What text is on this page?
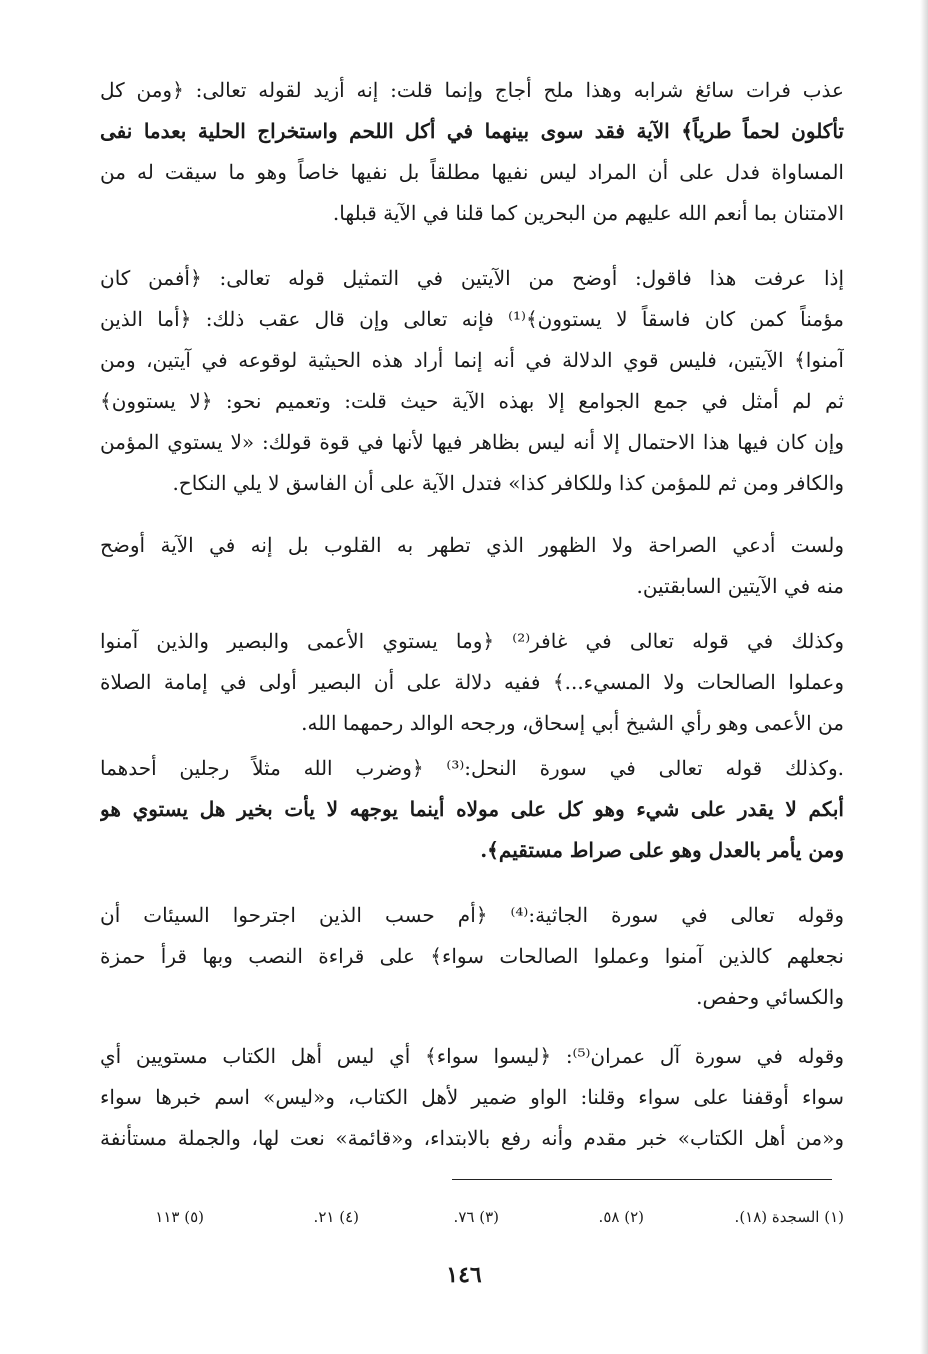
عذب فرات سائغ شرابه وهذا ملح أجاج وإنما قلت: إنه أزيد لقوله تعالى: ﴿ومن كل
تأكلون لحماً طرياً﴾ الآية فقد سوى بينهما في أكل اللحم واستخراج الحلية بعدما نفى
المساواة فدل على أن المراد ليس نفيها مطلقاً بل نفيها خاصاً وهو ما سيقت له من
الامتنان بما أنعم الله عليهم من البحرين كما قلنا في الآية قبلها.
إذا عرفت هذا فاقول: أوضح من الآيتين في التمثيل قوله تعالى: ﴿أفمن كان
مؤمناً كمن كان فاسقاً لا يستوون﴾⁽¹⁾ فإنه تعالى وإن قال عقب ذلك: ﴿أما الذين
آمنوا﴾ الآيتين، فليس قوي الدلالة في أنه إنما أراد هذه الحيثية لوقوعه في آيتين، ومن
ثم لم أمثل في جمع الجوامع إلا بهذه الآية حيث قلت: وتعميم نحو: ﴿لا يستوون﴾
وإن كان فيها هذا الاحتمال إلا أنه ليس بظاهر فيها لأنها في قوة قولك: «لا يستوي المؤمن
والكافر ومن ثم للمؤمن كذا وللكافر كذا» فتدل الآية على أن الفاسق لا يلي النكاح.
ولست أدعي الصراحة ولا الظهور الذي تطهر به القلوب بل إنه في الآية أوضح
منه في الآيتين السابقتين.
وكذلك في قوله تعالى في غافر⁽²⁾ ﴿وما يستوي الأعمى والبصير والذين آمنوا
وعملوا الصالحات ولا المسيء...﴾ ففيه دلالة على أن البصير أولى في إمامة الصلاة
من الأعمى وهو رأي الشيخ أبي إسحاق، ورجحه الوالد رحمهما الله.
.وكذلك قوله تعالى في سورة النحل:⁽³⁾ ﴿وضرب الله مثلاً رجلين أحدهما
أبكم لا يقدر على شيء وهو كل على مولاه أينما يوجهه لا يأت بخير هل يستوي هو
ومن يأمر بالعدل وهو على صراط مستقيم﴾.
وقوله تعالى في سورة الجاثية:⁽⁴⁾ ﴿أم حسب الذين اجترحوا السيئات أن
نجعلهم كالذين آمنوا وعملوا الصالحات سواء﴾ على قراءة النصب وبها قرأ حمزة
والكسائي وحفص.
وقوله في سورة آل عمران⁽⁵⁾: ﴿ليسوا سواء﴾ أي ليس أهل الكتاب مستويين أي
سواء أوقفنا على سواء وقلنا: الواو ضمير لأهل الكتاب، و«ليس» اسم خبرها سواء
و«من أهل الكتاب» خبر مقدم وأنه رفع بالابتداء، و«قائمة» نعت لها، والجملة مستأنفة
(١) السجدة (١٨).
(٢) ٥٨.
(٣) ٧٦.
(٤) ٢١.
(٥) ١١٣
١٤٦
